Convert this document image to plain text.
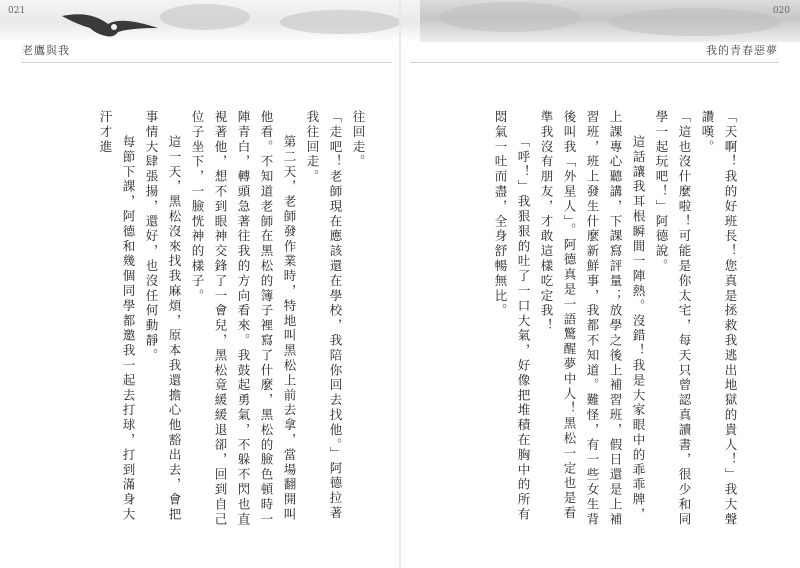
021	020
老鷹與我	我的青春惡夢

「天啊！我的好班長！您真是拯救我逃出地獄的貴人！」我大聲讚嘆。

「這也沒什麼啦！可能是你太宅，每天只曾認真讀書，很少和同學一起玩吧！」阿德說。

這話讓我耳根瞬間一陣熱。沒錯！我是大家眼中的乖乖牌，上課專心聽講，下課寫評量；放學之後上補習班，假日還是上補習班，班上發生什麼新鮮事，我都不知道。難怪，有一些女生背後叫我「外星人」。阿德真是一語驚醒夢中人！黑松一定也是看準我沒有朋友，才敢這樣吃定我！

「呼！」我狠狠的吐了一口大氣，好像把堆積在胸中的所有悶氣一吐而盡，全身舒暢無比。

往回走。

「走吧！老師現在應該還在學校，我陪你回去找他。」阿德拉著我往回走。

第二天，老師發作業時，特地叫黑松上前去拿，當場翻開叫他看。不知道老師在黑松的簿子裡寫了什麼，黑松的臉色頓時一陣青白，轉頭急著往我的方向看來。我鼓起勇氣，不躲不閃也直視著他，想不到眼神交鋒了一會兒，黑松竟緩緩退卻，回到自己位子坐下，一臉恍神的樣子。

這一天，黑松沒來找我麻煩，原本我還擔心他豁出去，會把事情大肆張揚，還好，也沒任何動靜。

每節下課，阿德和幾個同學都邀我一起去打球，打到滿身大汗才進
